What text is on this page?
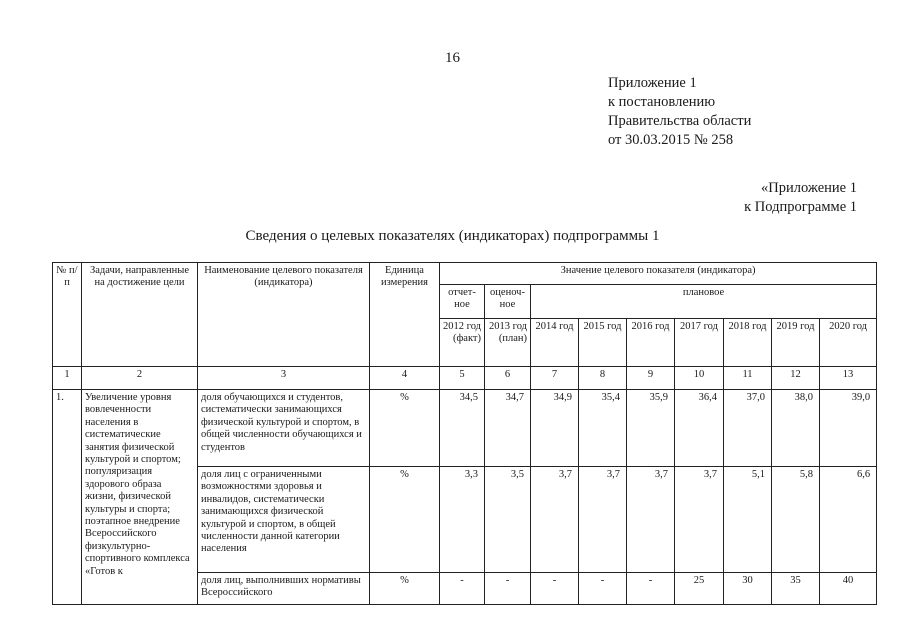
16
Приложение 1
к постановлению
Правительства области
от 30.03.2015 № 258
«Приложение 1
к Подпрограмме 1
Сведения о целевых показателях (индикаторах) подпрограммы 1
№ п/п	Задачи, направленные на достижение цели	Наименование целевого показателя (индикатора)	Единица измерения	Значение целевого показателя (индикатора)								
				отчет-ное	оценоч-ное	плановое						
				2012 год (факт)	2013 год (план)	2014 год	2015 год	2016 год	2017 год	2018 год	2019 год	2020 год
1	2	3	4	5	6	7	8	9	10	11	12	13
1.	Увеличение уровня вовлеченности населения в систематические занятия физической культурой и спортом; популяризация здорового образа жизни, физической культуры и спорта; поэтапное внедрение Всероссийского физкультурно-спортивного комплекса «Готов к	доля обучающихся и студентов, систематически занимающихся физической культурой и спортом, в общей численности обучающихся и студентов	%	34,5	34,7	34,9	35,4	35,9	36,4	37,0	38,0	39,0
		доля лиц с ограниченными возможностями здоровья и инвалидов, систематически занимающихся физической культурой и спортом, в общей численности данной категории населения	%	3,3	3,5	3,7	3,7	3,7	3,7	5,1	5,8	6,6
		доля лиц, выполнивших нормативы Всероссийского	%	-	-	-	-	-	25	30	35	40
